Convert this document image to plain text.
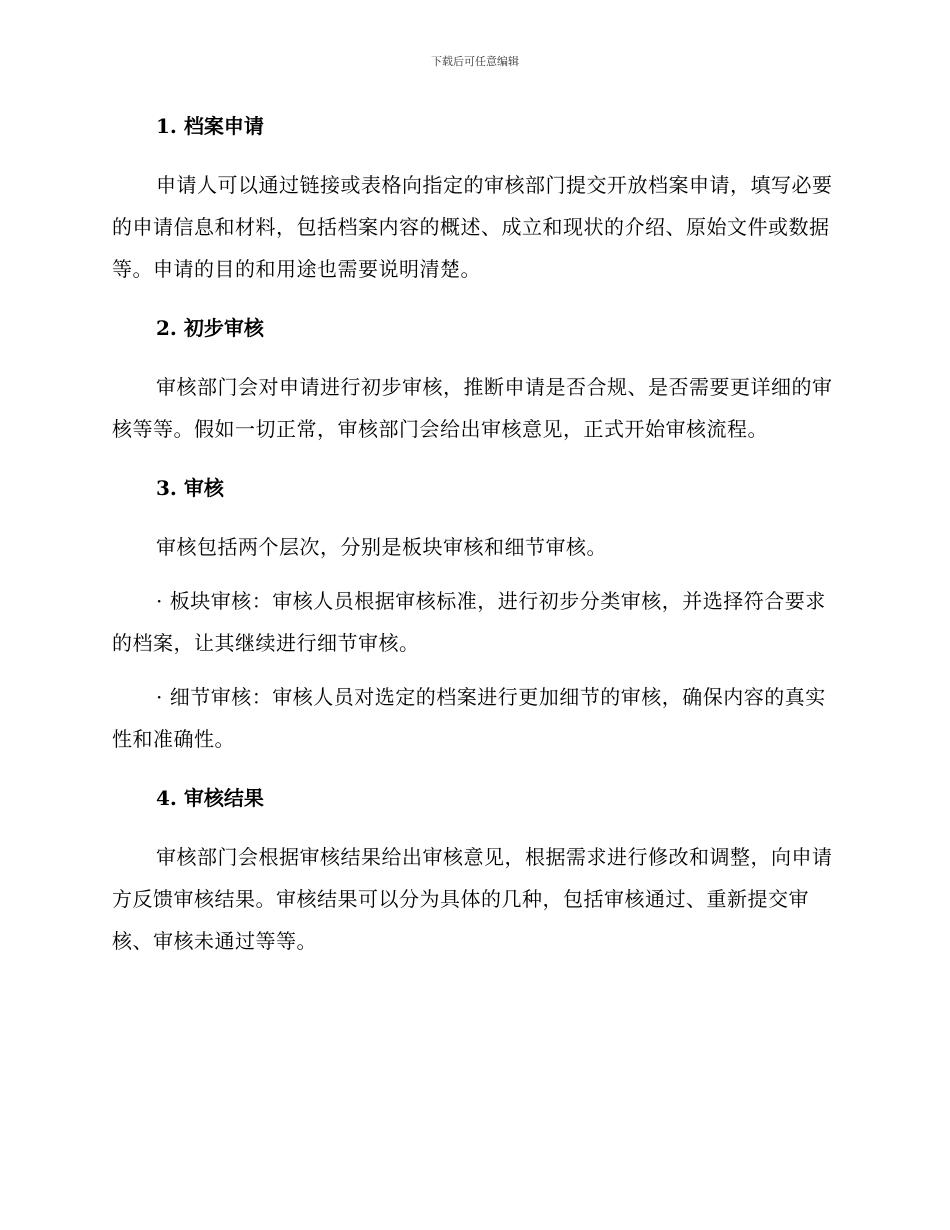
下载后可任意编辑
1. 档案申请

申请人可以通过链接或表格向指定的审核部门提交开放档案申请，填写必要的申请信息和材料，包括档案内容的概述、成立和现状的介绍、原始文件或数据等。申请的目的和用途也需要说明清楚。

2. 初步审核

审核部门会对申请进行初步审核，推断申请是否合规、是否需要更详细的审核等等。假如一切正常，审核部门会给出审核意见，正式开始审核流程。

3. 审核

审核包括两个层次，分别是板块审核和细节审核。

· 板块审核：审核人员根据审核标准，进行初步分类审核，并选择符合要求的档案，让其继续进行细节审核。

· 细节审核：审核人员对选定的档案进行更加细节的审核，确保内容的真实性和准确性。

4. 审核结果

审核部门会根据审核结果给出审核意见，根据需求进行修改和调整，向申请方反馈审核结果。审核结果可以分为具体的几种，包括审核通过、重新提交审核、审核未通过等等。
